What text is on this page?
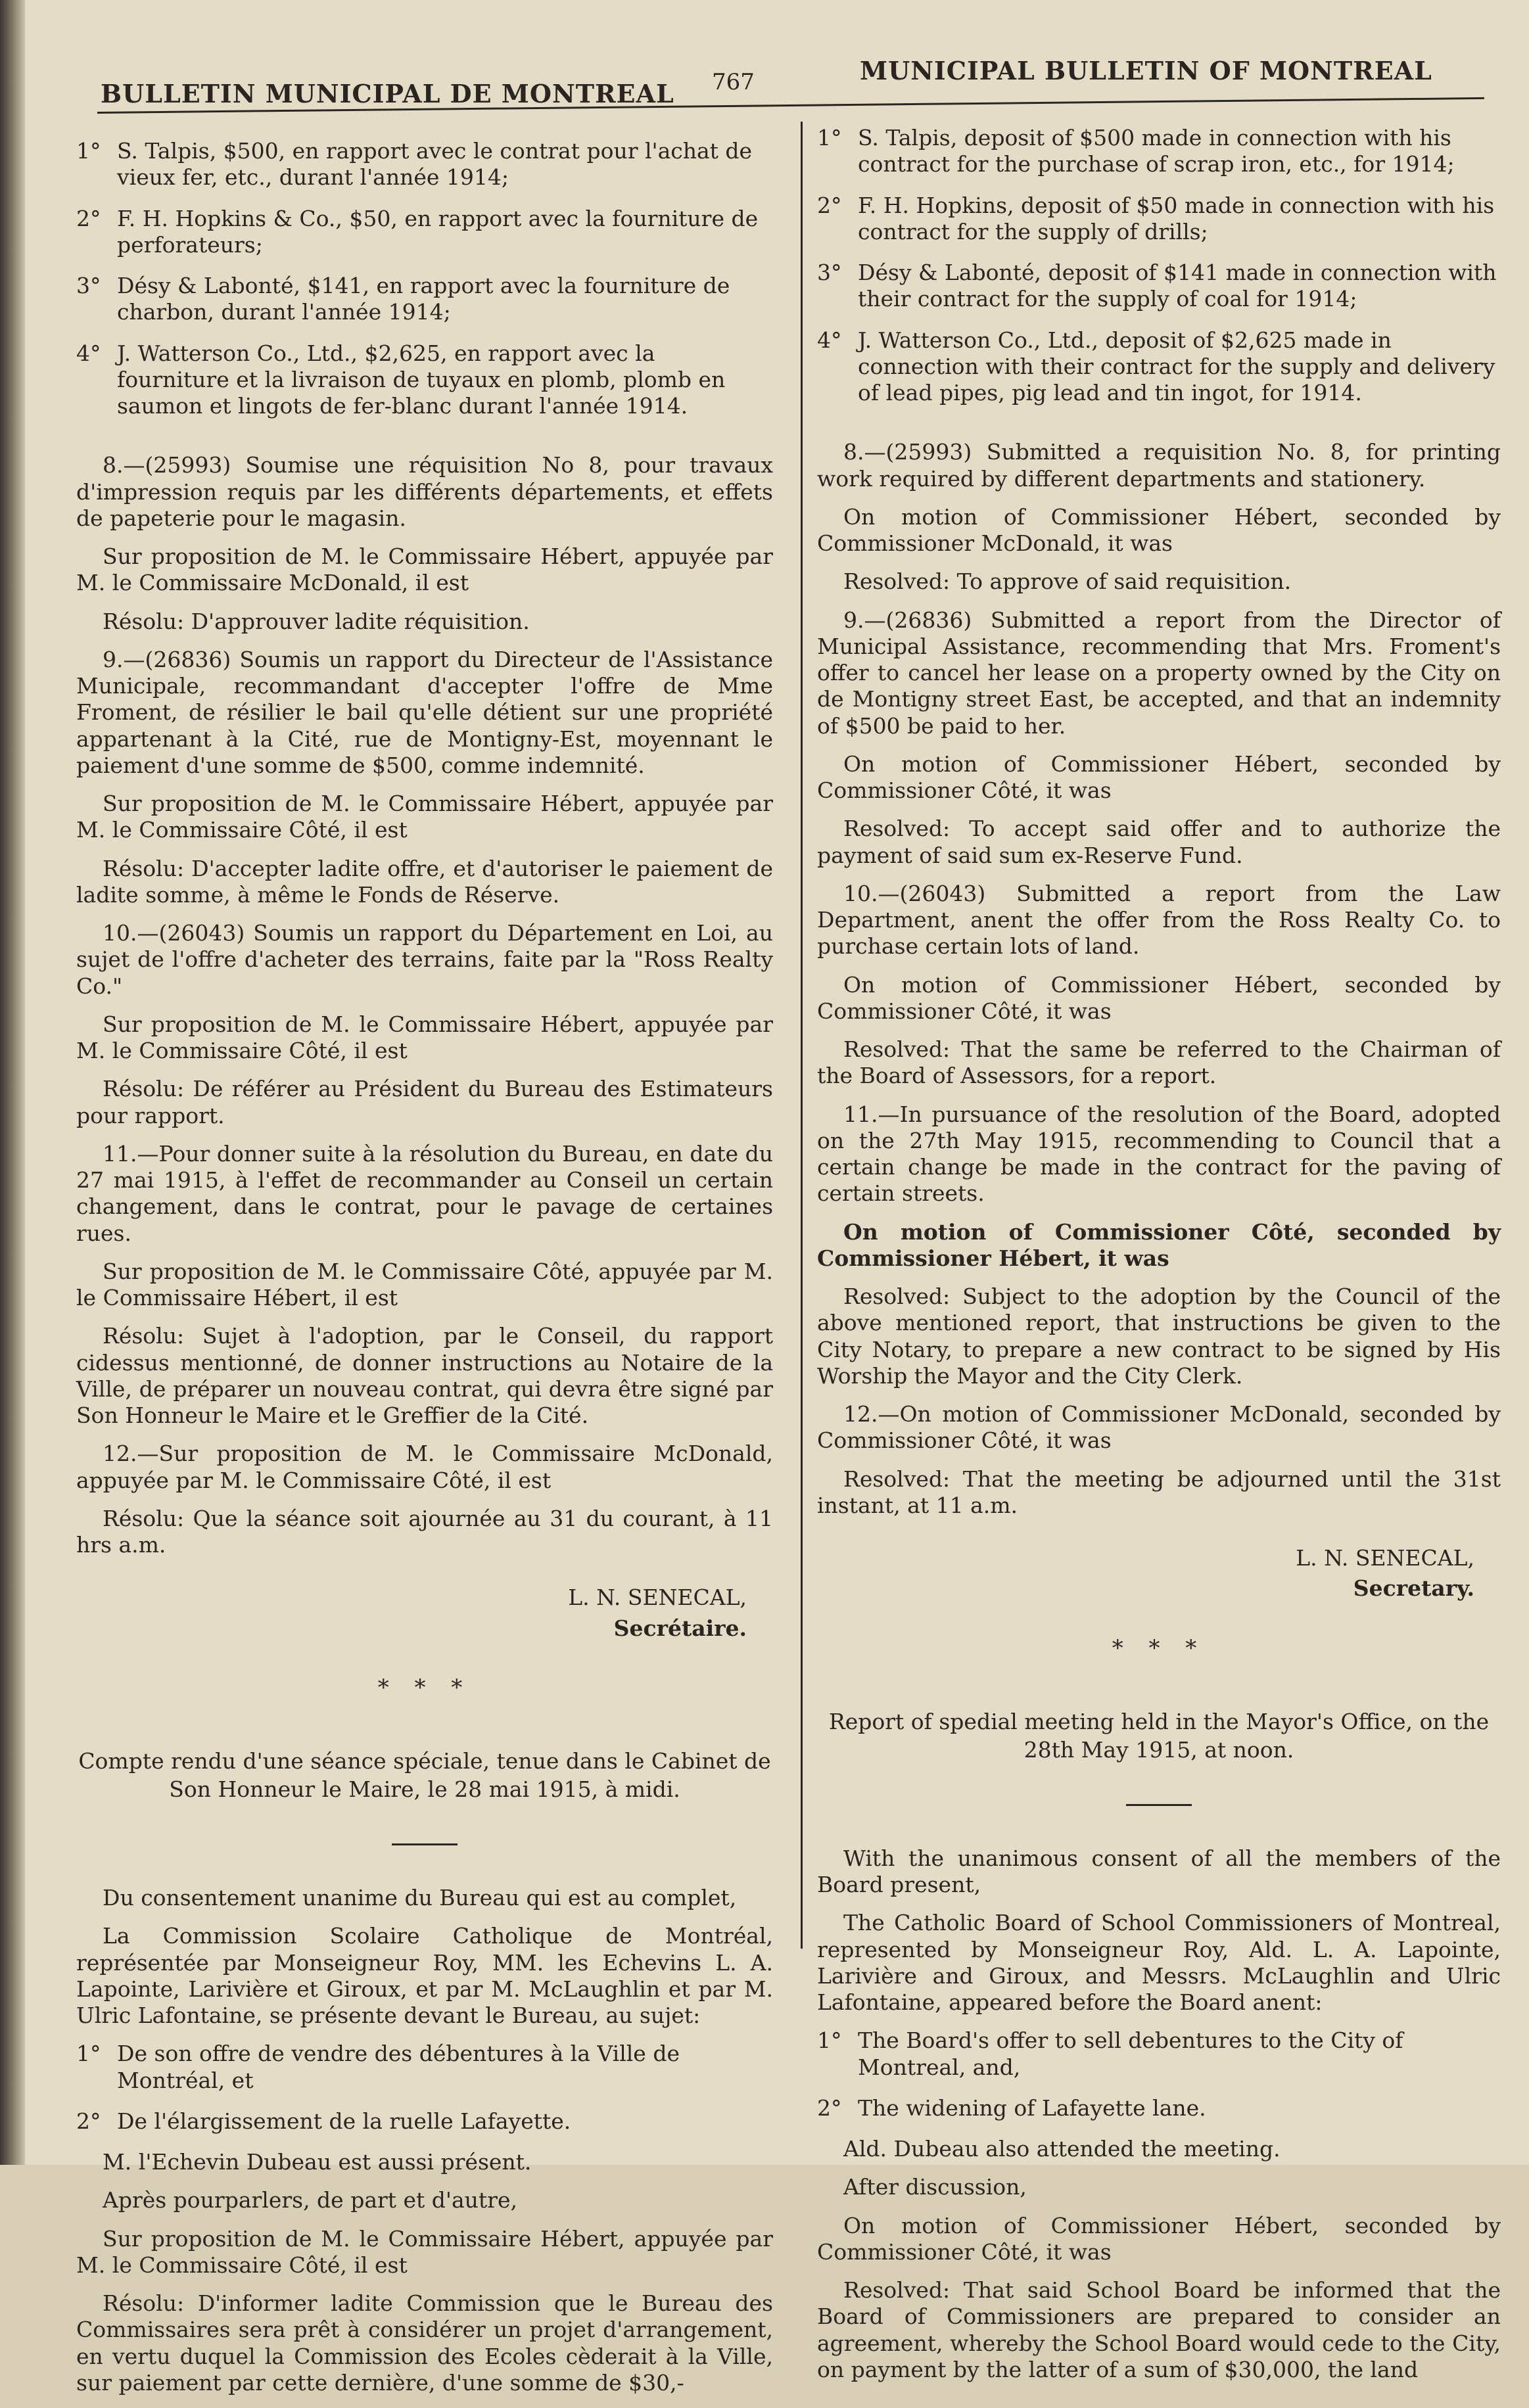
BULLETIN MUNICIPAL DE MONTREAL 767	MUNICIPAL BULLETIN OF MONTREAL
1° S. Talpis, $500, en rapport avec le contrat pour l'achat de vieux fer, etc., durant l'année 1914;
2° F. H. Hopkins & Co., $50, en rapport avec la fourniture de perforateurs;
3° Désy & Labonté, $141, en rapport avec la fourniture de charbon, durant l'année 1914;
4° J. Watterson Co., Ltd., $2,625, en rapport avec la fourniture et la livraison de tuyaux en plomb, plomb en saumon et lingots de fer-blanc durant l'année 1914.

8.—(25993) Soumise une réquisition No 8, pour travaux d'impression requis par les différents départements, et effets de papeterie pour le magasin.

Sur proposition de M. le Commissaire Hébert, appuyée par M. le Commissaire McDonald, il est

Résolu: D'approuver ladite réquisition.

9.—(26836) Soumis un rapport du Directeur de l'Assistance Municipale, recommandant d'accepter l'offre de Mme Froment, de résilier le bail qu'elle détient sur une propriété appartenant à la Cité, rue de Montigny-Est, moyennant le paiement d'une somme de $500, comme indemnité.

Sur proposition de M. le Commissaire Hébert, appuyée par M. le Commissaire Côté, il est

Résolu: D'accepter ladite offre, et d'autoriser le paiement de ladite somme, à même le Fonds de Réserve.

10.—(26043) Soumis un rapport du Département en Loi, au sujet de l'offre d'acheter des terrains, faite par la "Ross Realty Co."

Sur proposition de M. le Commissaire Hébert, appuyée par M. le Commissaire Côté, il est

Résolu: De référer au Président du Bureau des Estimateurs pour rapport.

11.—Pour donner suite à la résolution du Bureau, en date du 27 mai 1915, à l'effet de recommander au Conseil un certain changement, dans le contrat, pour le pavage de certaines rues.

Sur proposition de M. le Commissaire Côté, appuyée par M. le Commissaire Hébert, il est

Résolu: Sujet à l'adoption, par le Conseil, du rapport cidessus mentionné, de donner instructions au Notaire de la Ville, de préparer un nouveau contrat, qui devra être signé par Son Honneur le Maire et le Greffier de la Cité.

12.—Sur proposition de M. le Commissaire McDonald, appuyée par M. le Commissaire Côté, il est

Résolu: Que la séance soit ajournée au 31 du courant, à 11 hrs a.m.

L. N. SENECAL,
Secrétaire.
* * *
Compte rendu d'une séance spéciale, tenue dans le Cabinet de Son Honneur le Maire, le 28 mai 1915, à midi.

Du consentement unanime du Bureau qui est au complet,

La Commission Scolaire Catholique de Montréal, représentée par Monseigneur Roy, MM. les Echevins L. A. Lapointe, Larivière et Giroux, et par M. McLaughlin et par M. Ulric Lafontaine, se présente devant le Bureau, au sujet:

1° De son offre de vendre des débentures à la Ville de Montréal, et
2° De l'élargissement de la ruelle Lafayette.

M. l'Echevin Dubeau est aussi présent.

Après pourparlers, de part et d'autre,

Sur proposition de M. le Commissaire Hébert, appuyée par M. le Commissaire Côté, il est

Résolu: D'informer ladite Commission que le Bureau des Commissaires sera prêt à considérer un projet d'arrangement, en vertu duquel la Commission des Ecoles cèderait à la Ville, sur paiement par cette dernière, d'une somme de $30,-

1° S. Talpis, deposit of $500 made in connection with his contract for the purchase of scrap iron, etc., for 1914;
2° F. H. Hopkins, deposit of $50 made in connection with his contract for the supply of drills;
3° Désy & Labonté, deposit of $141 made in connection with their contract for the supply of coal for 1914;
4° J. Watterson Co., Ltd., deposit of $2,625 made in connection with their contract for the supply and delivery of lead pipes, pig lead and tin ingot, for 1914.

8.—(25993) Submitted a requisition No. 8, for printing work required by different departments and stationery.

On motion of Commissioner Hébert, seconded by Commissioner McDonald, it was

Resolved: To approve of said requisition.

9.—(26836) Submitted a report from the Director of Municipal Assistance, recommending that Mrs. Froment's offer to cancel her lease on a property owned by the City on de Montigny street East, be accepted, and that an indemnity of $500 be paid to her.

On motion of Commissioner Hébert, seconded by Commissioner Côté, it was

Resolved: To accept said offer and to authorize the payment of said sum ex-Reserve Fund.

10.—(26043) Submitted a report from the Law Department, anent the offer from the Ross Realty Co. to purchase certain lots of land.

On motion of Commissioner Hébert, seconded by Commissioner Côté, it was

Resolved: That the same be referred to the Chairman of the Board of Assessors, for a report.

11.—In pursuance of the resolution of the Board, adopted on the 27th May 1915, recommending to Council that a certain change be made in the contract for the paving of certain streets.

On motion of Commissioner Côté, seconded by Commissioner Hébert, it was

Resolved: Subject to the adoption by the Council of the above mentioned report, that instructions be given to the City Notary, to prepare a new contract to be signed by His Worship the Mayor and the City Clerk.

12.—On motion of Commissioner McDonald, seconded by Commissioner Côté, it was

Resolved: That the meeting be adjourned until the 31st instant, at 11 a.m.

L. N. SENECAL,
Secretary.
* * *
Report of spedial meeting held in the Mayor's Office, on the 28th May 1915, at noon.

With the unanimous consent of all the members of the Board present,

The Catholic Board of School Commissioners of Montreal, represented by Monseigneur Roy, Ald. L. A. Lapointe, Larivière and Giroux, and Messrs. McLaughlin and Ulric Lafontaine, appeared before the Board anent:

1° The Board's offer to sell debentures to the City of Montreal, and,
2° The widening of Lafayette lane.

Ald. Dubeau also attended the meeting.

After discussion,

On motion of Commissioner Hébert, seconded by Commissioner Côté, it was

Resolved: That said School Board be informed that the Board of Commissioners are prepared to consider an agreement, whereby the School Board would cede to the City, on payment by the latter of a sum of $30,000, the land
